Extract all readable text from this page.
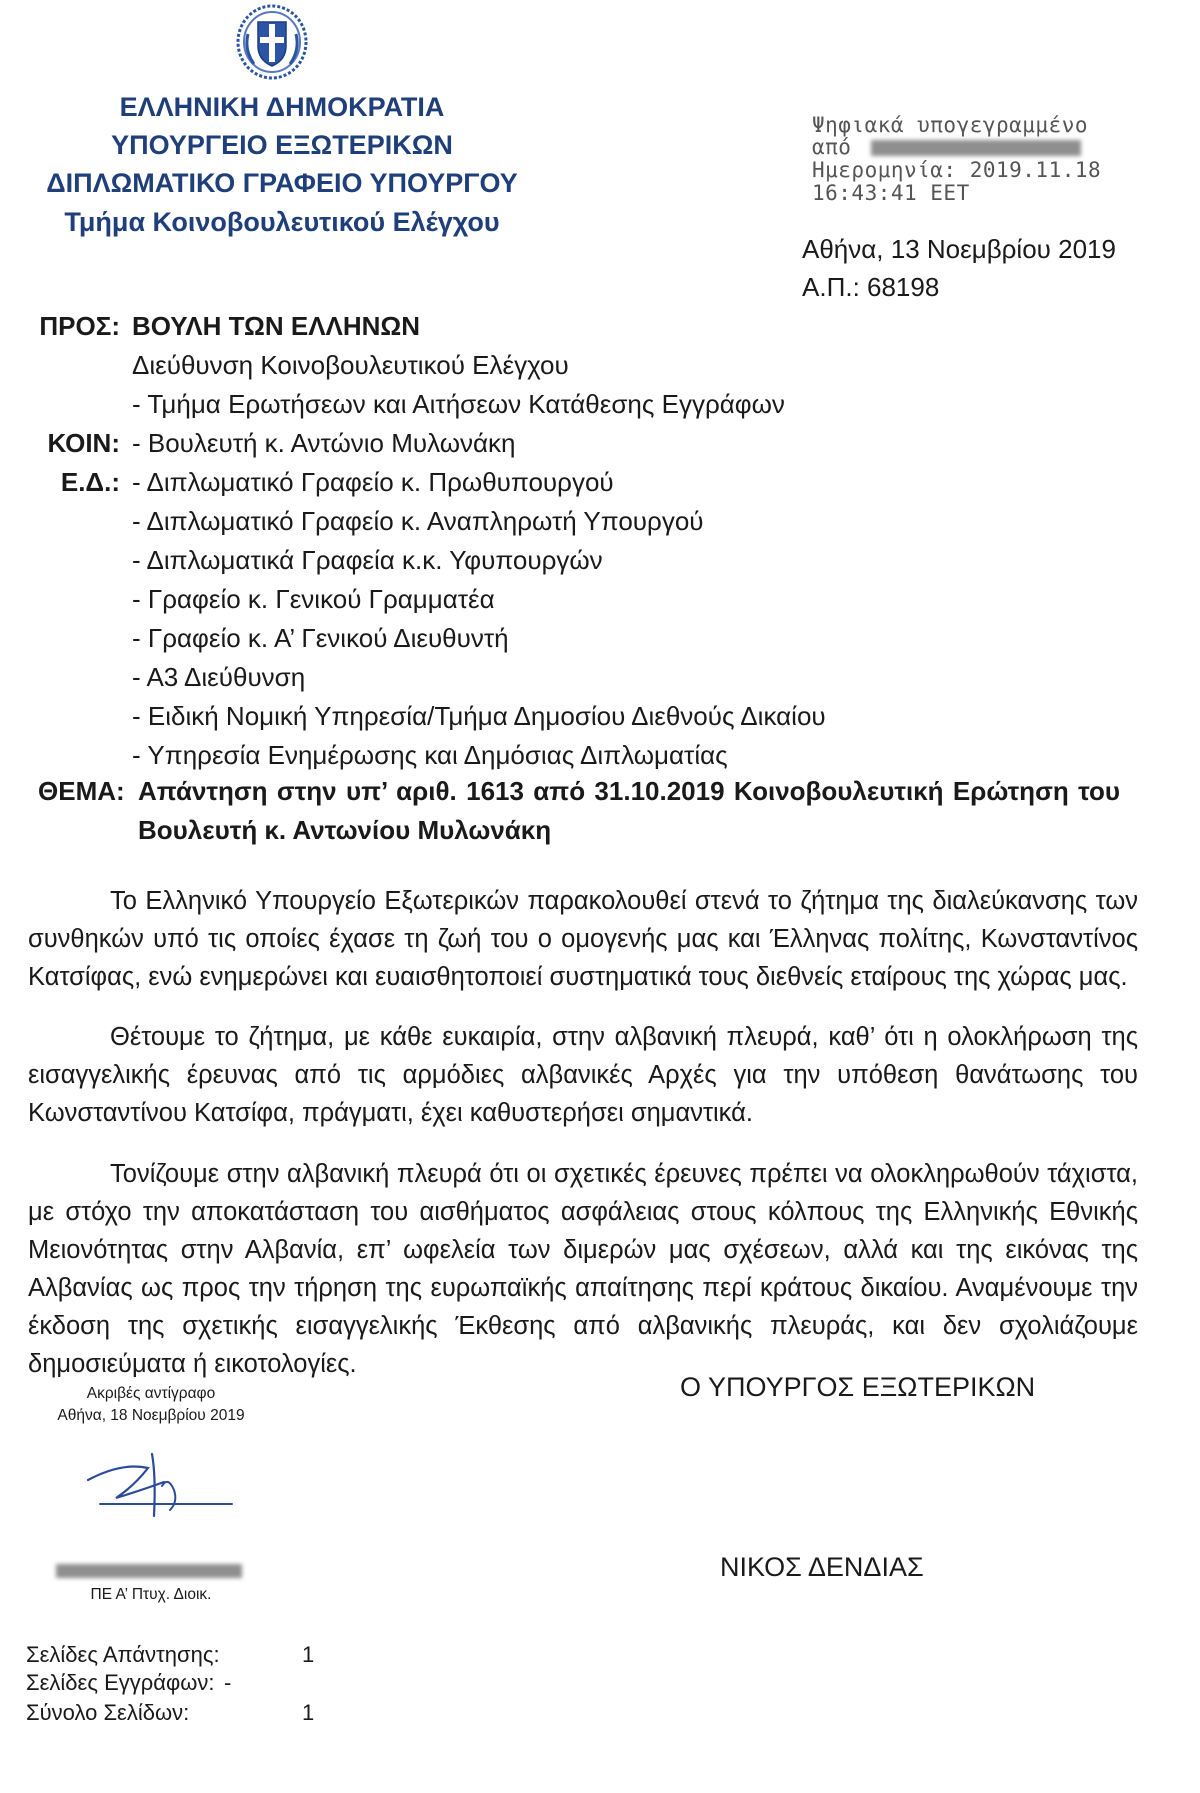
ΕΛΛΗΝΙΚΗ ΔΗΜΟΚΡΑΤΙΑ
ΥΠΟΥΡΓΕΙΟ ΕΞΩΤΕΡΙΚΩΝ
ΔΙΠΛΩΜΑΤΙΚΟ ΓΡΑΦΕΙΟ ΥΠΟΥΡΓΟΥ
Τμήμα Κοινοβουλευτικού Ελέγχου
Ψηφιακά υπογεγραμμένο
από
Ημερομηνία: 2019.11.18
16:43:41 EET
Αθήνα, 13 Νοεμβρίου 2019
Α.Π.: 68198
ΠΡΟΣ: ΒΟΥΛΗ ΤΩΝ ΕΛΛΗΝΩΝ
Διεύθυνση Κοινοβουλευτικού Ελέγχου
- Τμήμα Ερωτήσεων και Αιτήσεων Κατάθεσης Εγγράφων
ΚΟΙΝ: - Βουλευτή κ. Αντώνιο Μυλωνάκη
Ε.Δ.: - Διπλωματικό Γραφείο κ. Πρωθυπουργού
- Διπλωματικό Γραφείο κ. Αναπληρωτή Υπουργού
- Διπλωματικά Γραφεία κ.κ. Υφυπουργών
- Γραφείο κ. Γενικού Γραμματέα
- Γραφείο κ. Α’ Γενικού Διευθυντή
- Α3 Διεύθυνση
- Ειδική Νομική Υπηρεσία/Τμήμα Δημοσίου Διεθνούς Δικαίου
- Υπηρεσία Ενημέρωσης και Δημόσιας Διπλωματίας
ΘΕΜΑ: Απάντηση στην υπ’ αριθ. 1613 από 31.10.2019 Κοινοβουλευτική Ερώτηση του
Βουλευτή κ. Αντωνίου Μυλωνάκη
Το Ελληνικό Υπουργείο Εξωτερικών παρακολουθεί στενά το ζήτημα της διαλεύκανσης των συνθηκών υπό τις οποίες έχασε τη ζωή του ο ομογενής μας και Έλληνας πολίτης, Κωνσταντίνος Κατσίφας, ενώ ενημερώνει και ευαισθητοποιεί συστηματικά τους διεθνείς εταίρους της χώρας μας.
Θέτουμε το ζήτημα, με κάθε ευκαιρία, στην αλβανική πλευρά, καθ’ ότι η ολοκλήρωση της εισαγγελικής έρευνας από τις αρμόδιες αλβανικές Αρχές για την υπόθεση θανάτωσης του Κωνσταντίνου Κατσίφα, πράγματι, έχει καθυστερήσει σημαντικά.
Τονίζουμε στην αλβανική πλευρά ότι οι σχετικές έρευνες πρέπει να ολοκληρωθούν τάχιστα, με στόχο την αποκατάσταση του αισθήματος ασφάλειας στους κόλπους της Ελληνικής Εθνικής Μειονότητας στην Αλβανία, επ’ ωφελεία των διμερών μας σχέσεων, αλλά και της εικόνας της Αλβανίας ως προς την τήρηση της ευρωπαϊκής απαίτησης περί κράτους δικαίου. Αναμένουμε την έκδοση της σχετικής εισαγγελικής Έκθεσης από αλβανικής πλευράς, και δεν σχολιάζουμε δημοσιεύματα ή εικοτολογίες.
Ακριβές αντίγραφο
Αθήνα, 18 Νοεμβρίου 2019
ΠΕ Α’ Πτυχ. Διοικ.
Ο ΥΠΟΥΡΓΟΣ ΕΞΩΤΕΡΙΚΩΝ
ΝΙΚΟΣ ΔΕΝΔΙΑΣ
Σελίδες Απάντησης:	1
Σελίδες Εγγράφων: -
Σύνολο Σελίδων:	1
